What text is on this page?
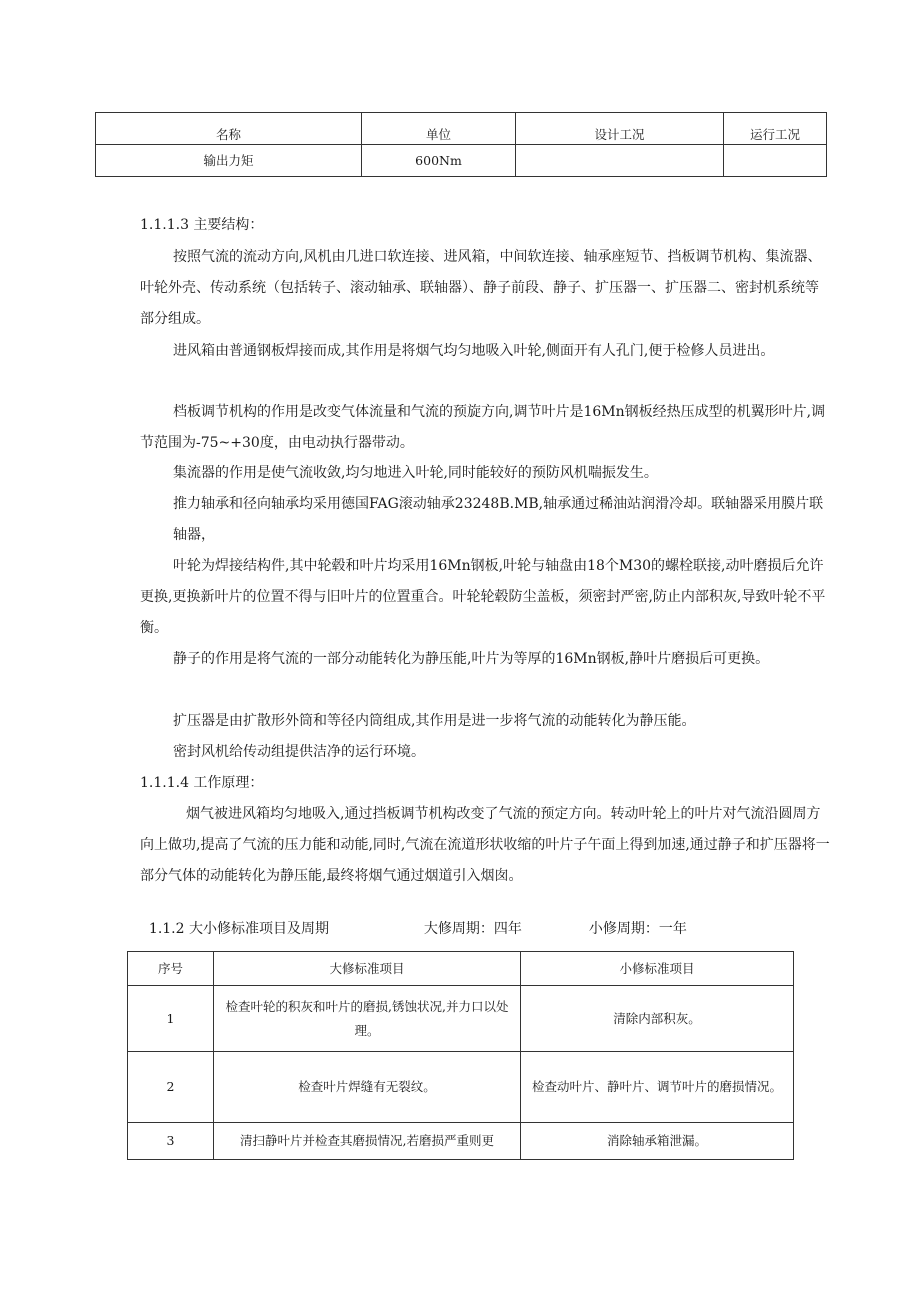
名称	单位	设计工况	运行工况
输出力矩	600Nm		
1.1.1.3 主要结构：

按照气流的流动方向,风机由几进口软连接、进风箱，中间软连接、轴承座短节、挡板调节机构、集流器、叶轮外壳、传动系统（包括转子、滚动轴承、联轴器）、静子前段、静子、扩压器一、扩压器二、密封机系统等部分组成。

进风箱由普通钢板焊接而成,其作用是将烟气均匀地吸入叶轮,侧面开有人孔门,便于检修人员进出。

档板调节机构的作用是改变气体流量和气流的预旋方向,调节叶片是16Mn钢板经热压成型的机翼形叶片,调节范围为-75~+30度，由电动执行器带动。

集流器的作用是使气流收敛,均匀地进入叶轮,同时能较好的预防风机喘振发生。

推力轴承和径向轴承均采用德国FAG滚动轴承23248B.MB,轴承通过稀油站润滑冷却。联轴器采用膜片联轴器，

叶轮为焊接结构件,其中轮毂和叶片均采用16Mn钢板,叶轮与轴盘由18个M30的螺栓联接,动叶磨损后允许更换,更换新叶片的位置不得与旧叶片的位置重合。叶轮轮毂防尘盖板，须密封严密,防止内部积灰,导致叶轮不平衡。

静子的作用是将气流的一部分动能转化为静压能,叶片为等厚的16Mn钢板,静叶片磨损后可更换。

扩压器是由扩散形外筒和等径内筒组成,其作用是进一步将气流的动能转化为静压能。

密封风机给传动组提供洁净的运行环境。

1.1.1.4 工作原理：

烟气被进风箱均匀地吸入,通过挡板调节机构改变了气流的预定方向。转动叶轮上的叶片对气流沿圆周方向上做功,提高了气流的压力能和动能,同时,气流在流道形状收缩的叶片子午面上得到加速,通过静子和扩压器将一部分气体的动能转化为静压能,最终将烟气通过烟道引入烟囱。

1.1.2 大小修标准项目及周期	大修周期：四年	小修周期：一年

序号	大修标准项目	小修标准项目
1	检查叶轮的积灰和叶片的磨损,锈蚀状况,并力口以处理。	清除内部积灰。
2	检查叶片焊缝有无裂纹。	检查动叶片、静叶片、调节叶片的磨损情况。
3	清扫静叶片并检查其磨损情况,若磨损严重则更	消除轴承箱泄漏。
